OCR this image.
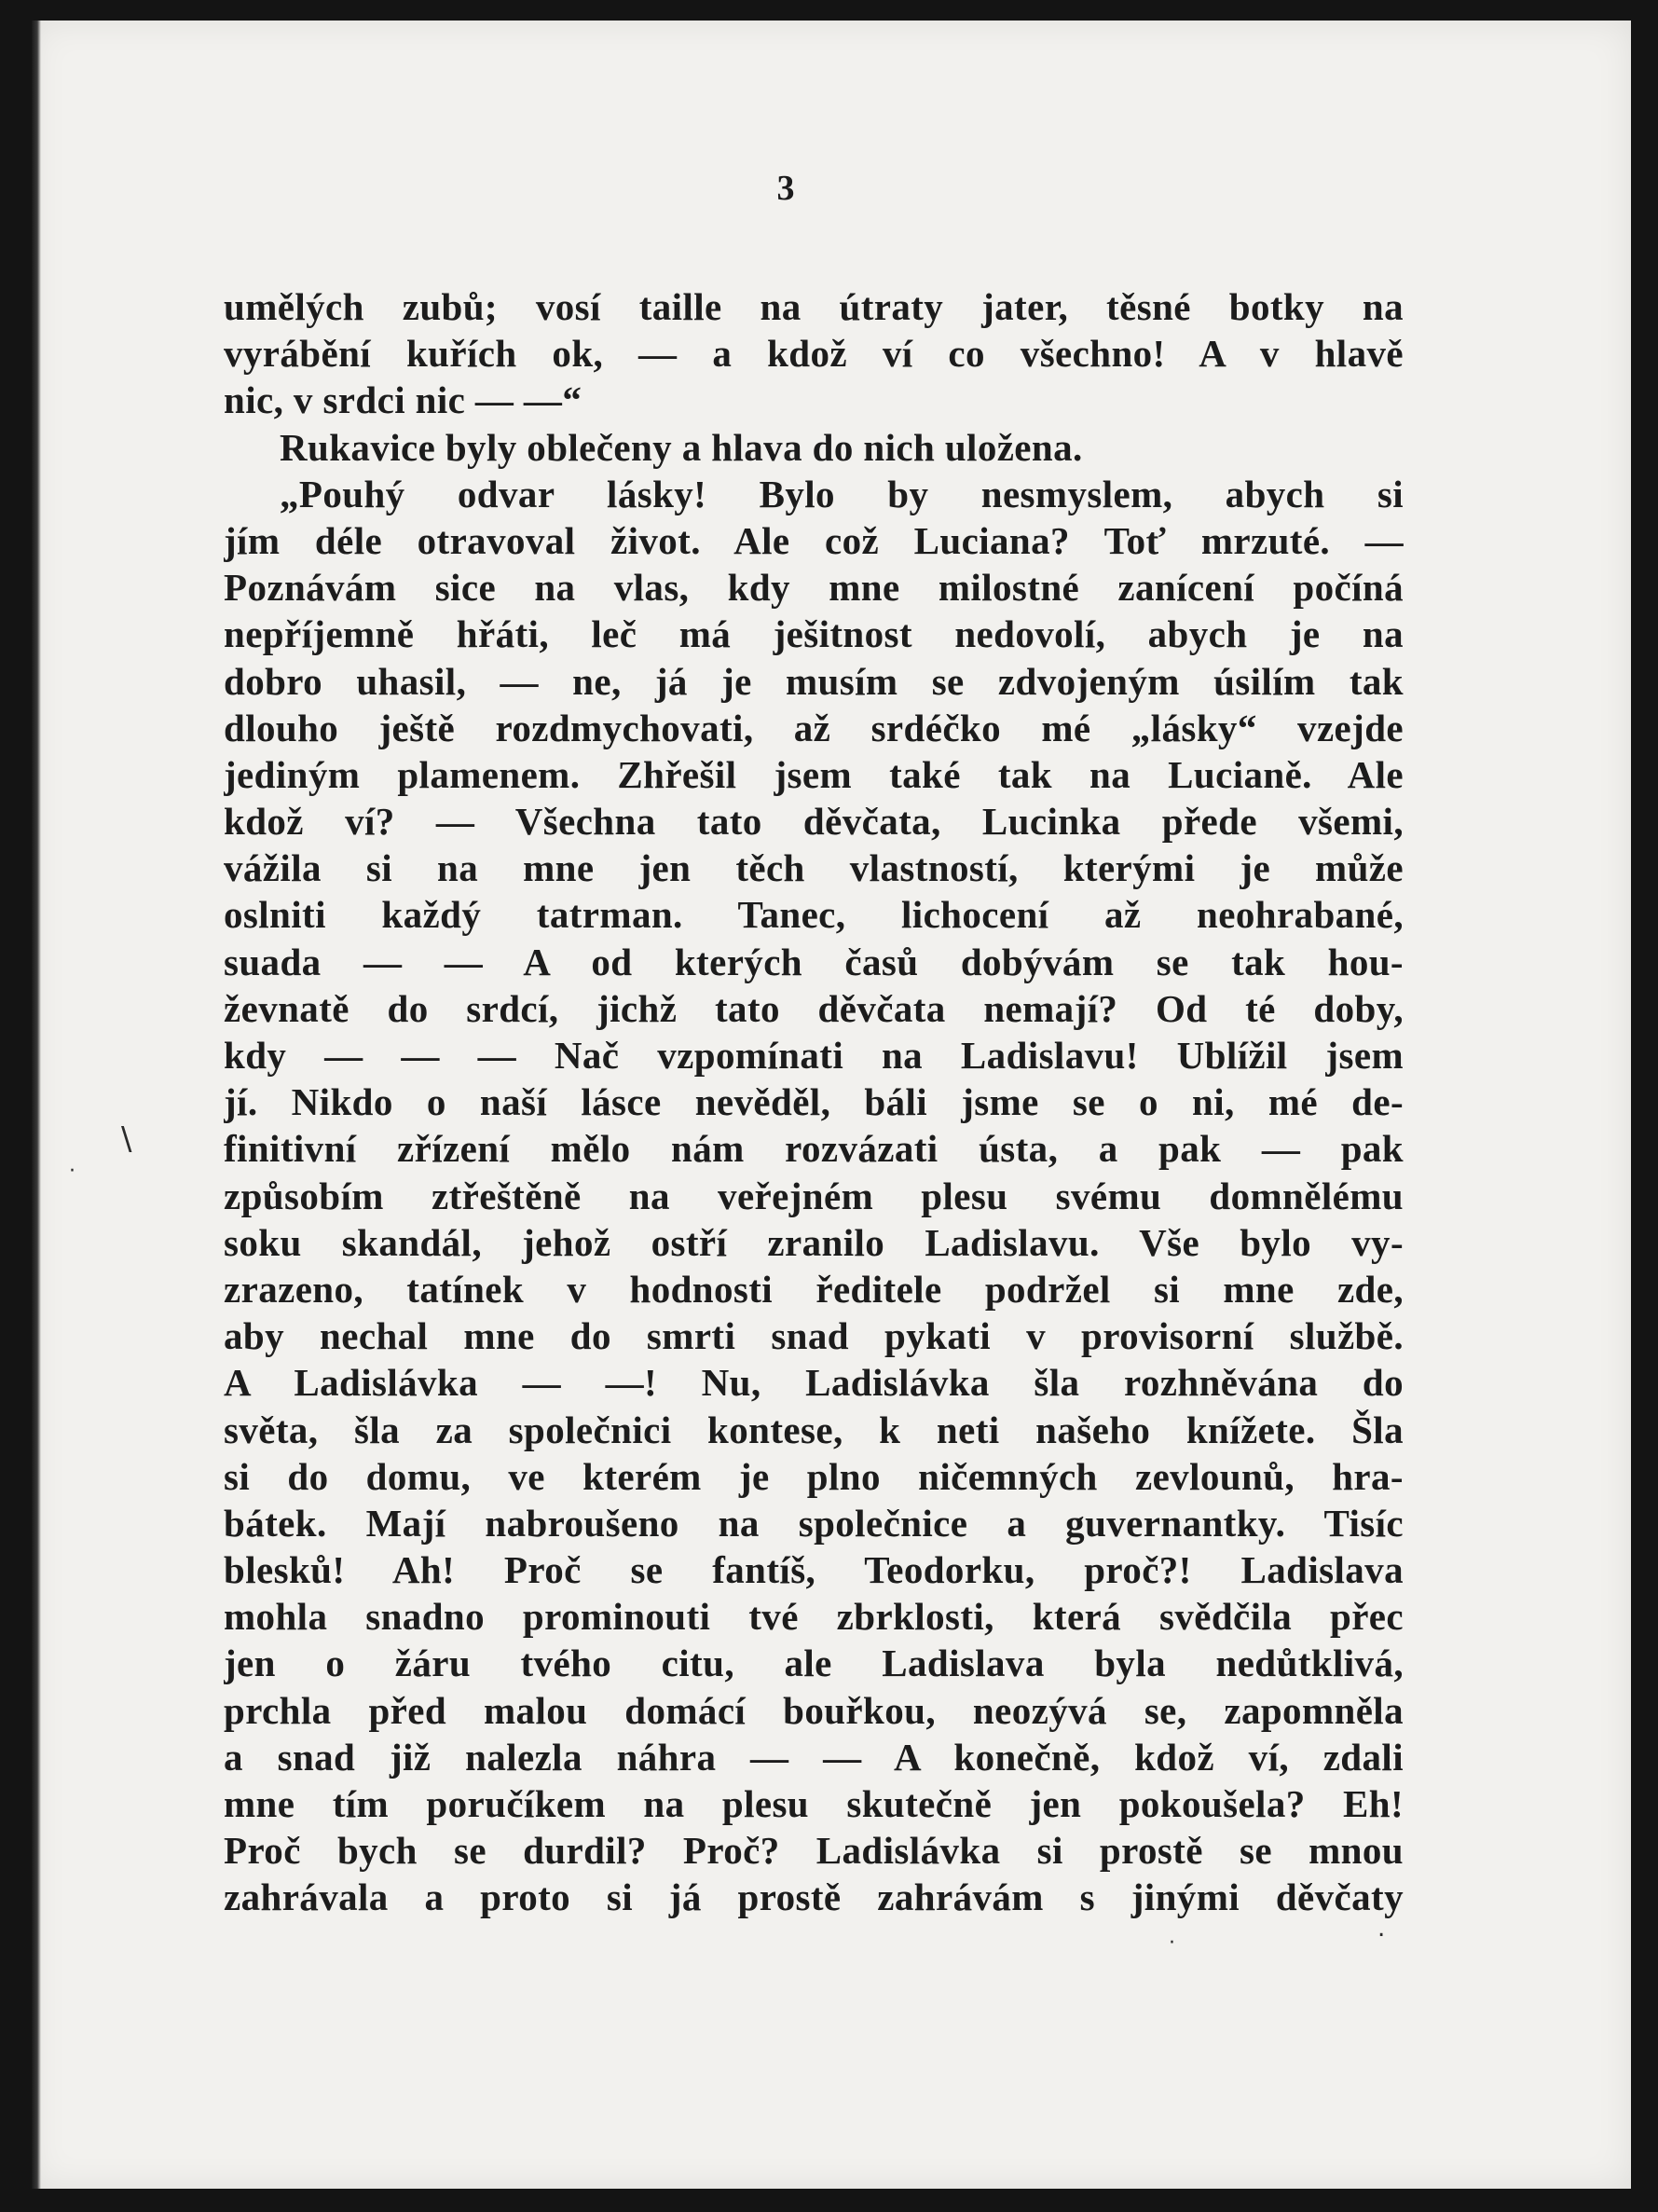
3
umělých zubů; vosí taille na útraty jater, těsné botky na
vyrábění kuřích ok, — a kdož ví co všechno! A v hlavě
nic, v srdci nic — —“
Rukavice byly oblečeny a hlava do nich uložena.
„Pouhý odvar lásky! Bylo by nesmyslem, abych si
jím déle otravoval život. Ale což Luciana? Toť mrzuté. —
Poznávám sice na vlas, kdy mne milostné zanícení počíná
nepříjemně hřáti, leč má ješitnost nedovolí, abych je na
dobro uhasil, — ne, já je musím se zdvojeným úsilím tak
dlouho ještě rozdmychovati, až srdéčko mé „lásky“ vzejde
jediným plamenem. Zhřešil jsem také tak na Lucianě. Ale
kdož ví? — Všechna tato děvčata, Lucinka přede všemi,
vážila si na mne jen těch vlastností, kterými je může
oslniti každý tatrman. Tanec, lichocení až neohrabané,
suada — — A od kterých časů dobývám se tak hou-
ževnatě do srdcí, jichž tato děvčata nemají? Od té doby,
kdy — — — Nač vzpomínati na Ladislavu! Ublížil jsem
jí. Nikdo o naší lásce nevěděl, báli jsme se o ni, mé de-
finitivní zřízení mělo nám rozvázati ústa, a pak — pak
způsobím ztřeštěně na veřejném plesu svému domnělému
soku skandál, jehož ostří zranilo Ladislavu. Vše bylo vy-
zrazeno, tatínek v hodnosti ředitele podržel si mne zde,
aby nechal mne do smrti snad pykati v provisorní službě.
A Ladislávka — —! Nu, Ladislávka šla rozhněvána do
světa, šla za společnici kontese, k neti našeho knížete. Šla
si do domu, ve kterém je plno ničemných zevlounů, hra-
bátek. Mají nabroušeno na společnice a guvernantky. Tisíc
blesků! Ah! Proč se fantíš, Teodorku, proč?! Ladislava
mohla snadno prominouti tvé zbrklosti, která svědčila přec
jen o žáru tvého citu, ale Ladislava byla nedůtklivá,
prchla před malou domácí bouřkou, neozývá se, zapomněla
a snad již nalezla náhra — — A konečně, kdož ví, zdali
mne tím poručíkem na plesu skutečně jen pokoušela? Eh!
Proč bych se durdil? Proč? Ladislávka si prostě se mnou
zahrávala a proto si já prostě zahrávám s jinými děvčaty
\
·
·
.
